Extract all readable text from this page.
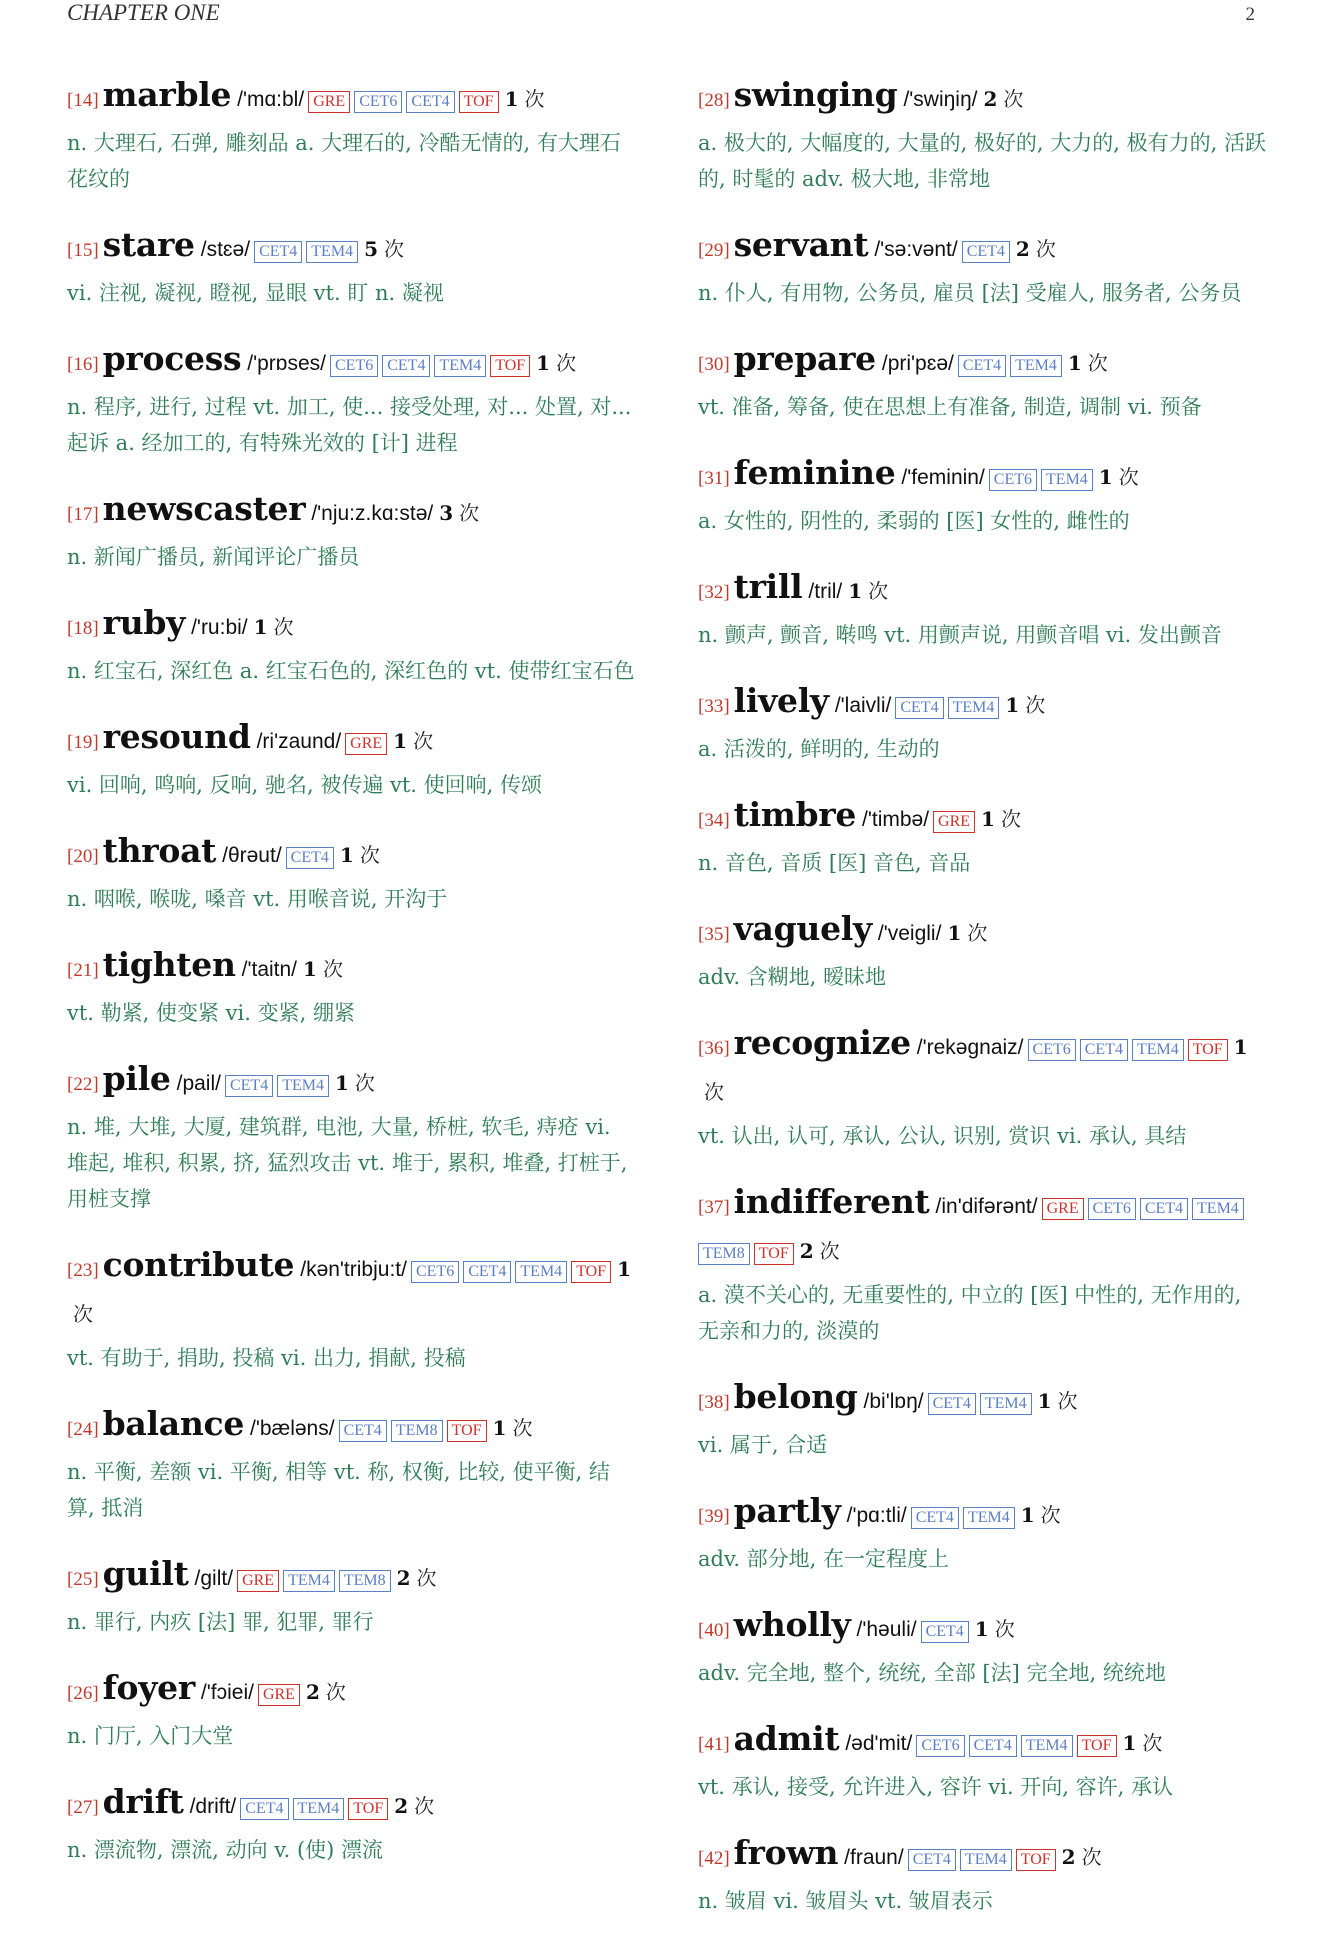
CHAPTER ONE	2
[14] marble /'mɑ:bl/ GRE CET6 CET4 TOF 1 次
n. 大理石, 石弹, 雕刻品 a. 大理石的, 冷酷无情的, 有大理石花纹的
[15] stare /stɛə/ CET4 TEM4 5 次
vi. 注视, 凝视, 瞪视, 显眼 vt. 盯 n. 凝视
[16] process /'prɒses/ CET6 CET4 TEM4 TOF 1 次
n. 程序, 进行, 过程 vt. 加工, 使... 接受处理, 对... 处置, 对... 起诉 a. 经加工的, 有特殊光效的 [计] 进程
[17] newscaster /'nju:z.kɑ:stə/ 3 次
n. 新闻广播员, 新闻评论广播员
[18] ruby /'ru:bi/ 1 次
n. 红宝石, 深红色 a. 红宝石色的, 深红色的 vt. 使带红宝石色
[19] resound /ri'zaund/ GRE 1 次
vi. 回响, 鸣响, 反响, 驰名, 被传遍 vt. 使回响, 传颂
[20] throat /θrəut/ CET4 1 次
n. 咽喉, 喉咙, 嗓音 vt. 用喉音说, 开沟于
[21] tighten /'taitn/ 1 次
vt. 勒紧, 使变紧 vi. 变紧, 绷紧
[22] pile /pail/ CET4 TEM4 1 次
n. 堆, 大堆, 大厦, 建筑群, 电池, 大量, 桥桩, 软毛, 痔疮 vi. 堆起, 堆积, 积累, 挤, 猛烈攻击 vt. 堆于, 累积, 堆叠, 打桩于, 用桩支撑
[23] contribute /kən'tribju:t/ CET6 CET4 TEM4 TOF 1次
vt. 有助于, 捐助, 投稿 vi. 出力, 捐献, 投稿
[24] balance /'bæləns/ CET4 TEM8 TOF 1 次
n. 平衡, 差额 vi. 平衡, 相等 vt. 称, 权衡, 比较, 使平衡, 结算, 抵消
[25] guilt /gilt/ GRE TEM4 TEM8 2 次
n. 罪行, 内疚 [法] 罪, 犯罪, 罪行
[26] foyer /'fɔiei/ GRE 2 次
n. 门厅, 入门大堂
[27] drift /drift/ CET4 TEM4 TOF 2 次
n. 漂流物, 漂流, 动向 v. (使) 漂流
[28] swinging /'swiŋiŋ/ 2 次
a. 极大的, 大幅度的, 大量的, 极好的, 大力的, 极有力的, 活跃的, 时髦的 adv. 极大地, 非常地
[29] servant /'sə:vənt/ CET4 2 次
n. 仆人, 有用物, 公务员, 雇员 [法] 受雇人, 服务者, 公务员
[30] prepare /pri'pɛə/ CET4 TEM4 1 次
vt. 准备, 筹备, 使在思想上有准备, 制造, 调制 vi. 预备
[31] feminine /'feminin/ CET6 TEM4 1 次
a. 女性的, 阴性的, 柔弱的 [医] 女性的, 雌性的
[32] trill /tril/ 1 次
n. 颤声, 颤音, 啭鸣 vt. 用颤声说, 用颤音唱 vi. 发出颤音
[33] lively /'laivli/ CET4 TEM4 1 次
a. 活泼的, 鲜明的, 生动的
[34] timbre /'timbə/ GRE 1 次
n. 音色, 音质 [医] 音色, 音品
[35] vaguely /'veigli/ 1 次
adv. 含糊地, 暧昧地
[36] recognize /'rekəgnaiz/ CET6 CET4 TEM4 TOF 1次
vt. 认出, 认可, 承认, 公认, 识别, 赏识 vi. 承认, 具结
[37] indifferent /in'difərənt/ GRE CET6 CET4 TEM4TEM8 TOF 2 次
a. 漠不关心的, 无重要性的, 中立的 [医] 中性的, 无作用的, 无亲和力的, 淡漠的
[38] belong /bi'lɒŋ/ CET4 TEM4 1 次
vi. 属于, 合适
[39] partly /'pɑ:tli/ CET4 TEM4 1 次
adv. 部分地, 在一定程度上
[40] wholly /'həuli/ CET4 1 次
adv. 完全地, 整个, 统统, 全部 [法] 完全地, 统统地
[41] admit /əd'mit/ CET6 CET4 TEM4 TOF 1 次
vt. 承认, 接受, 允许进入, 容许 vi. 开向, 容许, 承认
[42] frown /fraun/ CET4 TEM4 TOF 2 次
n. 皱眉 vi. 皱眉头 vt. 皱眉表示
